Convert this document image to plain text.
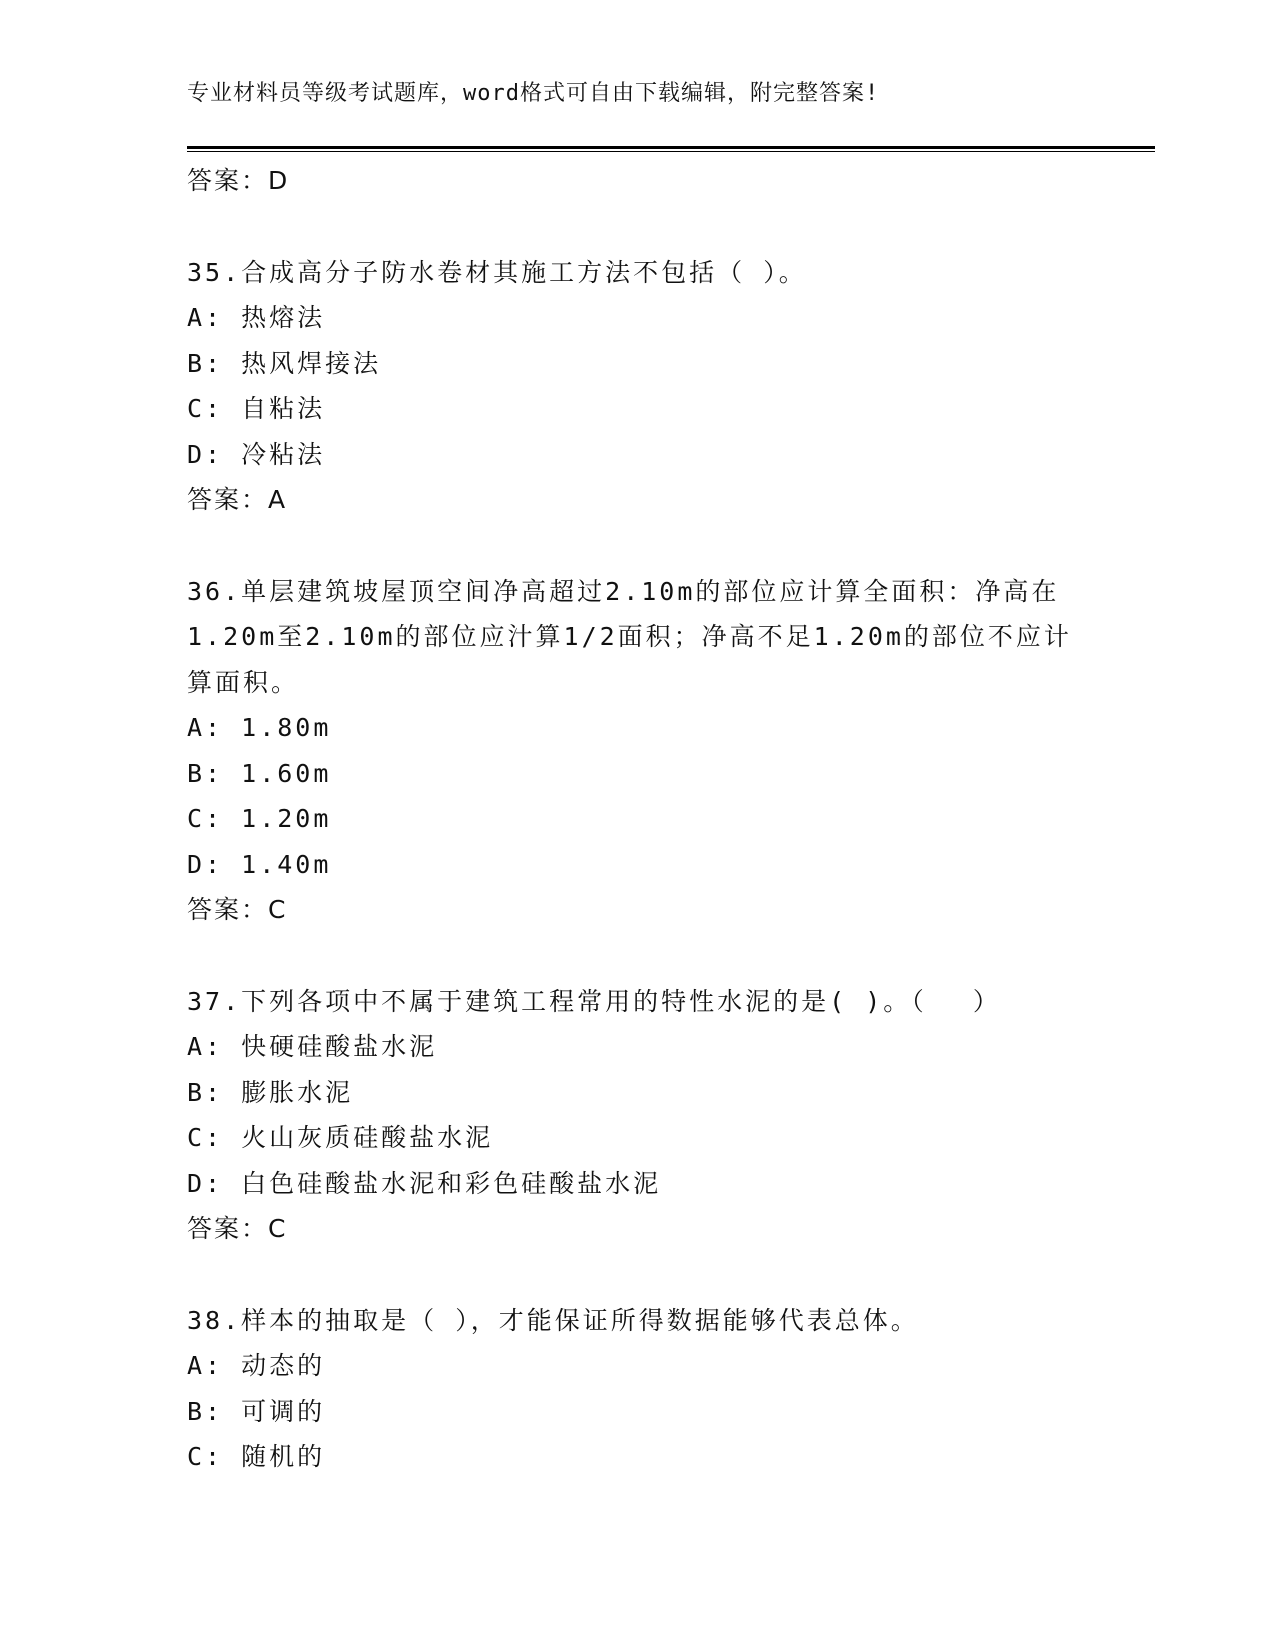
专业材料员等级考试题库，word格式可自由下载编辑，附完整答案!

答案：D

35.合成高分子防水卷材其施工方法不包括（ ）。

A: 热熔法

B: 热风焊接法

C: 自粘法

D: 冷粘法

答案：A

36.单层建筑坡屋顶空间净高超过2.10m的部位应计算全面积：净高在

1.20m至2.10m的部位应汁算1/2面积；净高不足1.20m的部位不应计

算面积。

A: 1.80m

B: 1.60m

C: 1.20m

D: 1.40m

答案：C

37.下列各项中不属于建筑工程常用的特性水泥的是( )。（　 ）

A: 快硬硅酸盐水泥

B: 膨胀水泥

C: 火山灰质硅酸盐水泥

D: 白色硅酸盐水泥和彩色硅酸盐水泥

答案：C

38.样本的抽取是（ ），才能保证所得数据能够代表总体。

A: 动态的

B: 可调的

C: 随机的
